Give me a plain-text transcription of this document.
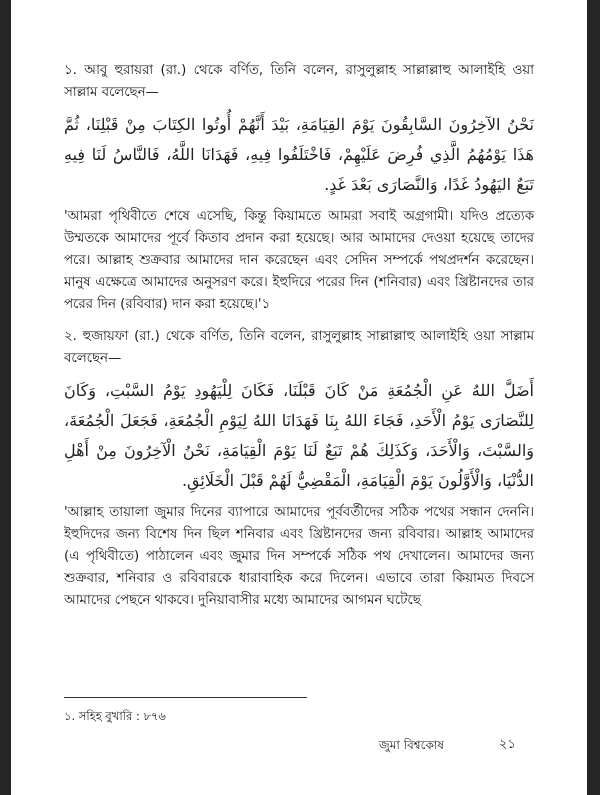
১. আবু হুরায়রা (রা.) থেকে বর্ণিত, তিনি বলেন, রাসুলুল্লাহ সাল্লাল্লাহু আলাইহি ওয়া সাল্লাম বলেছেন—

نَحْنُ الآخِرُونَ السَّابِقُونَ يَوْمَ القِيَامَةِ، بَيْدَ أَنَّهُمْ أُوتُوا الكِتَابَ مِنْ قَبْلِنَا، ثُمَّ هَذَا يَوْمُهُمُ الَّذِي فُرِضَ عَلَيْهِمْ، فَاخْتَلَفُوا فِيهِ، فَهَدَانَا اللَّهُ، فَالنَّاسُ لَنَا فِيهِ تَبَعٌ اليَهُودُ غَدًا، وَالنَّصَارَى بَعْدَ غَدٍ.

'আমরা পৃথিবীতে শেষে এসেছি, কিন্তু কিয়ামতে আমরা সবাই অগ্রগামী। যদিও প্রত্যেক উম্মতকে আমাদের পূর্বে কিতাব প্রদান করা হয়েছে। আর আমাদের দেওয়া হয়েছে তাদের পরে। আল্লাহ শুক্রবার আমাদের দান করেছেন এবং সেদিন সম্পর্কে পথপ্রদর্শন করেছেন। মানুষ এক্ষেত্রে আমাদের অনুসরণ করে। ইহুদিরে পরের দিন (শনিবার) এবং খ্রিষ্টানদের তার পরের দিন (রবিবার) দান করা হয়েছে।'১

২. হুজায়ফা (রা.) থেকে বর্ণিত, তিনি বলেন, রাসুলুল্লাহ সাল্লাল্লাহু আলাইহি ওয়া সাল্লাম বলেছেন—

أَضَلَّ اللهُ عَنِ الْجُمُعَةِ مَنْ كَانَ قَبْلَنَا، فَكَانَ لِلْيَهُودِ يَوْمُ السَّبْتِ، وَكَانَ لِلنَّصَارَى يَوْمُ الْأَحَدِ، فَجَاءَ اللهُ بِنَا فَهَدَانَا اللهُ لِيَوْمِ الْجُمُعَةِ، فَجَعَلَ الْجُمُعَةَ، وَالسَّبْتَ، وَالْأَحَدَ، وَكَذَلِكَ هُمْ تَبَعٌ لَنَا يَوْمَ الْقِيَامَةِ، نَحْنُ الْآخِرُونَ مِنْ أَهْلِ الدُّنْيَا، وَالْأَوَّلُونَ يَوْمَ الْقِيَامَةِ، الْمَقْضِيُّ لَهُمْ قَبْلَ الْخَلَائِقِ.

'আল্লাহ তায়ালা জুমার দিনের ব্যাপারে আমাদের পূর্ববর্তীদের সঠিক পথের সন্ধান দেননি। ইহুদিদের জন্য বিশেষ দিন ছিল শনিবার এবং খ্রিষ্টানদের জন্য রবিবার। আল্লাহ আমাদের (এ পৃথিবীতে) পাঠালেন এবং জুমার দিন সম্পর্কে সঠিক পথ দেখালেন। আমাদের জন্য শুক্রবার, শনিবার ও রবিবারকে ধারাবাহিক করে দিলেন। এভাবে তারা কিয়ামত দিবসে আমাদের পেছনে থাকবে। দুনিয়াবাসীর মধ্যে আমাদের আগমন ঘটেছে

১. সহিহ বুখারি : ৮৭৬

জুমা বিশ্বকোষ	২১
